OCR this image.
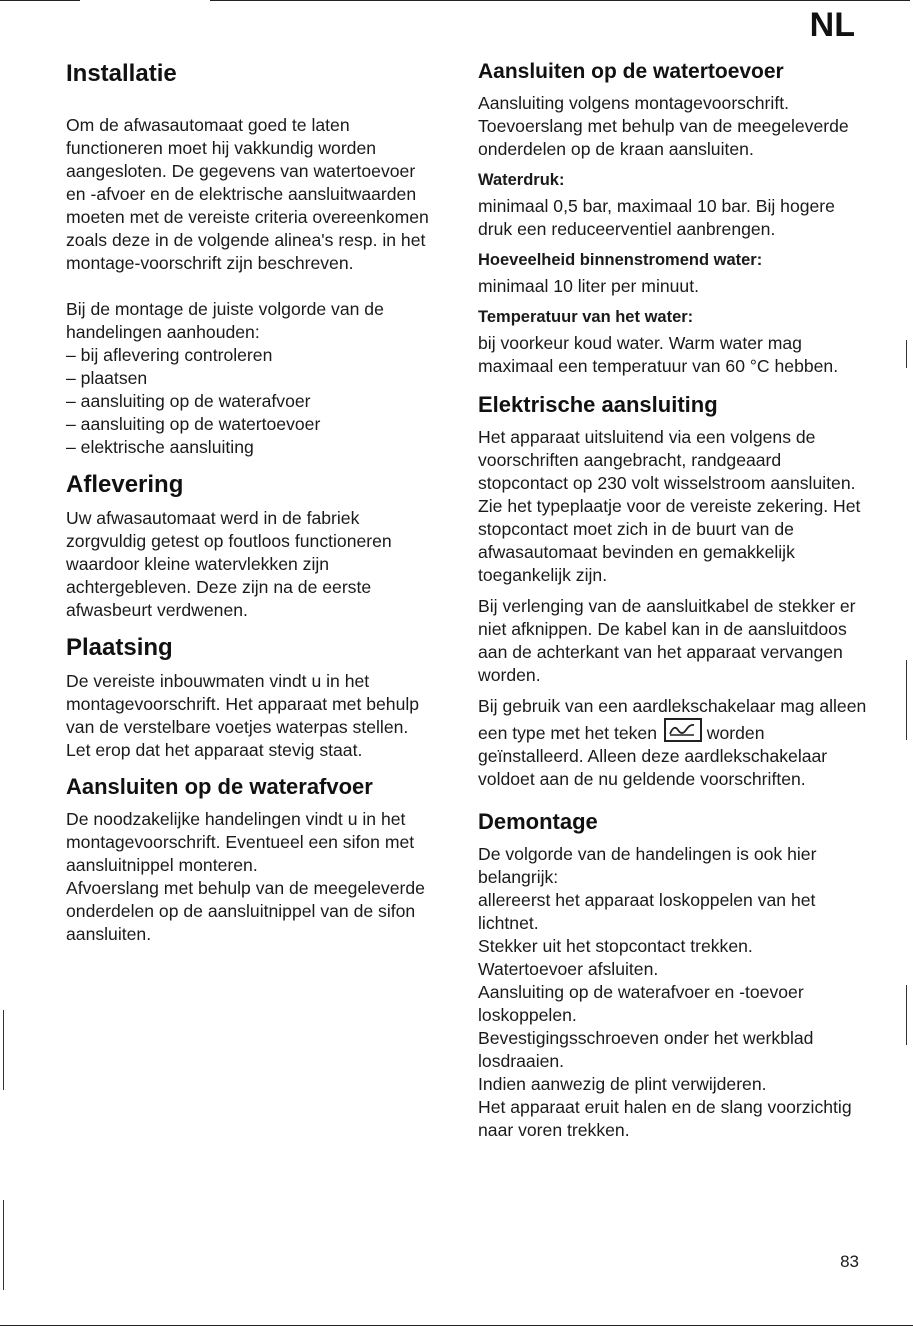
NL
Installatie

Om de afwasautomaat goed te laten functioneren moet hij vakkundig worden aangesloten. De gegevens van watertoevoer en -afvoer en de elektrische aansluitwaarden moeten met de vereiste criteria overeenkomen zoals deze in de volgende alinea's resp. in het montage-voorschrift zijn beschreven.

Bij de montage de juiste volgorde van de handelingen aanhouden:

– bij aflevering controleren
– plaatsen
– aansluiting op de waterafvoer
– aansluiting op de watertoevoer
– elektrische aansluiting
Aflevering

Uw afwasautomaat werd in de fabriek zorgvuldig getest op foutloos functioneren waardoor kleine watervlekken zijn achtergebleven. Deze zijn na de eerste afwasbeurt verdwenen.

Plaatsing

De vereiste inbouwmaten vindt u in het montagevoorschrift. Het apparaat met behulp van de verstelbare voetjes waterpas stellen. Let erop dat het apparaat stevig staat.

Aansluiten op de waterafvoer

De noodzakelijke handelingen vindt u in het montagevoorschrift. Eventueel een sifon met aansluitnippel monteren.

Afvoerslang met behulp van de meegeleverde onderdelen op de aansluitnippel van de sifon aansluiten.

Aansluiten op de watertoevoer

Aansluiting volgens montagevoorschrift. Toevoerslang met behulp van de meegeleverde onderdelen op de kraan aansluiten.

Waterdruk:

minimaal 0,5 bar, maximaal 10 bar. Bij hogere druk een reduceerventiel aanbrengen.

Hoeveelheid binnenstromend water:

minimaal 10 liter per minuut.

Temperatuur van het water:

bij voorkeur koud water. Warm water mag maximaal een temperatuur van 60 °C hebben.

Elektrische aansluiting

Het apparaat uitsluitend via een volgens de voorschriften aangebracht, randgeaard stopcontact op 230 volt wisselstroom aansluiten. Zie het typeplaatje voor de vereiste zekering. Het stopcontact moet zich in de buurt van de afwasautomaat bevinden en gemakkelijk toegankelijk zijn.

Bij verlenging van de aansluitkabel de stekker er niet afknippen. De kabel kan in de aansluitdoos aan de achterkant van het apparaat vervangen worden.

Bij gebruik van een aardlekschakelaar mag alleen een type met het teken	worden geïnstalleerd. Alleen deze aardlekschakelaar voldoet aan de nu geldende voorschriften.

Demontage

De volgorde van de handelingen is ook hier belangrijk:

allereerst het apparaat loskoppelen van het lichtnet.

Stekker uit het stopcontact trekken.

Watertoevoer afsluiten.

Aansluiting op de waterafvoer en -toevoer loskoppelen.

Bevestigingsschroeven onder het werkblad losdraaien.

Indien aanwezig de plint verwijderen.

Het apparaat eruit halen en de slang voorzichtig naar voren trekken.

83
